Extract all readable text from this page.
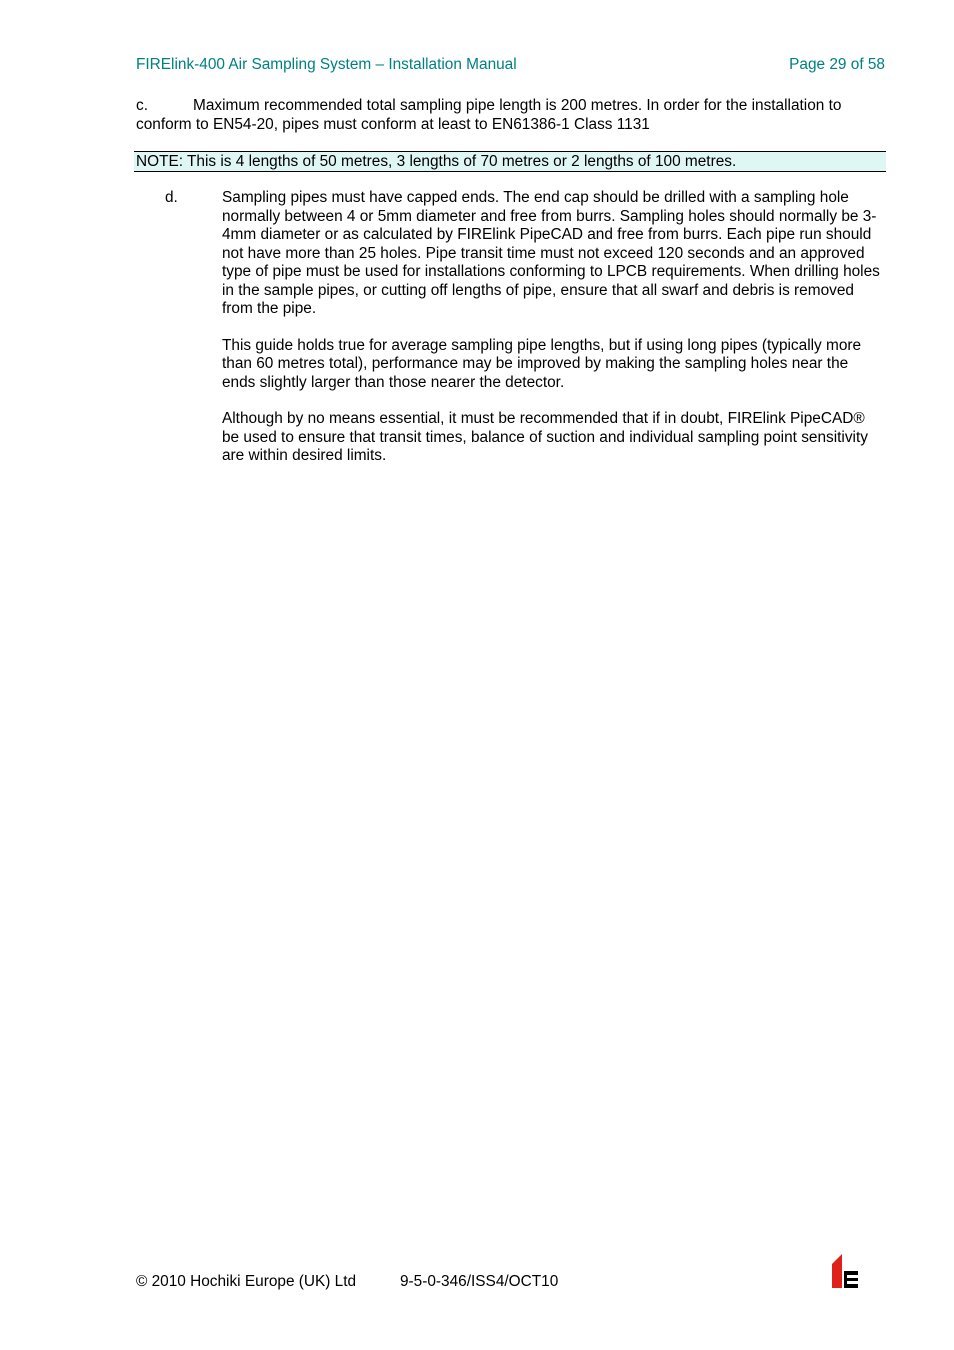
FIRElink-400 Air Sampling System – Installation Manual	Page 29 of 58
c.	Maximum recommended total sampling pipe length is 200 metres. In order for the installation to conform to EN54-20, pipes must conform at least to EN61386-1 Class 1131
NOTE: This is 4 lengths of 50 metres, 3 lengths of 70 metres or 2 lengths of 100 metres.
d.	Sampling pipes must have capped ends. The end cap should be drilled with a sampling hole normally between 4 or 5mm diameter and free from burrs. Sampling holes should normally be 3-4mm diameter or as calculated by FIRElink PipeCAD and free from burrs. Each pipe run should not have more than 25 holes. Pipe transit time must not exceed 120 seconds and an approved type of pipe must be used for installations conforming to LPCB requirements. When drilling holes in the sample pipes, or cutting off lengths of pipe, ensure that all swarf and debris is removed from the pipe.

This guide holds true for average sampling pipe lengths, but if using long pipes (typically more than 60 metres total), performance may be improved by making the sampling holes near the ends slightly larger than those nearer the detector.

Although by no means essential, it must be recommended that if in doubt, FIRElink PipeCAD® be used to ensure that transit times, balance of suction and individual sampling point sensitivity are within desired limits.

© 2010 Hochiki Europe (UK) Ltd	9-5-0-346/ISS4/OCT10
